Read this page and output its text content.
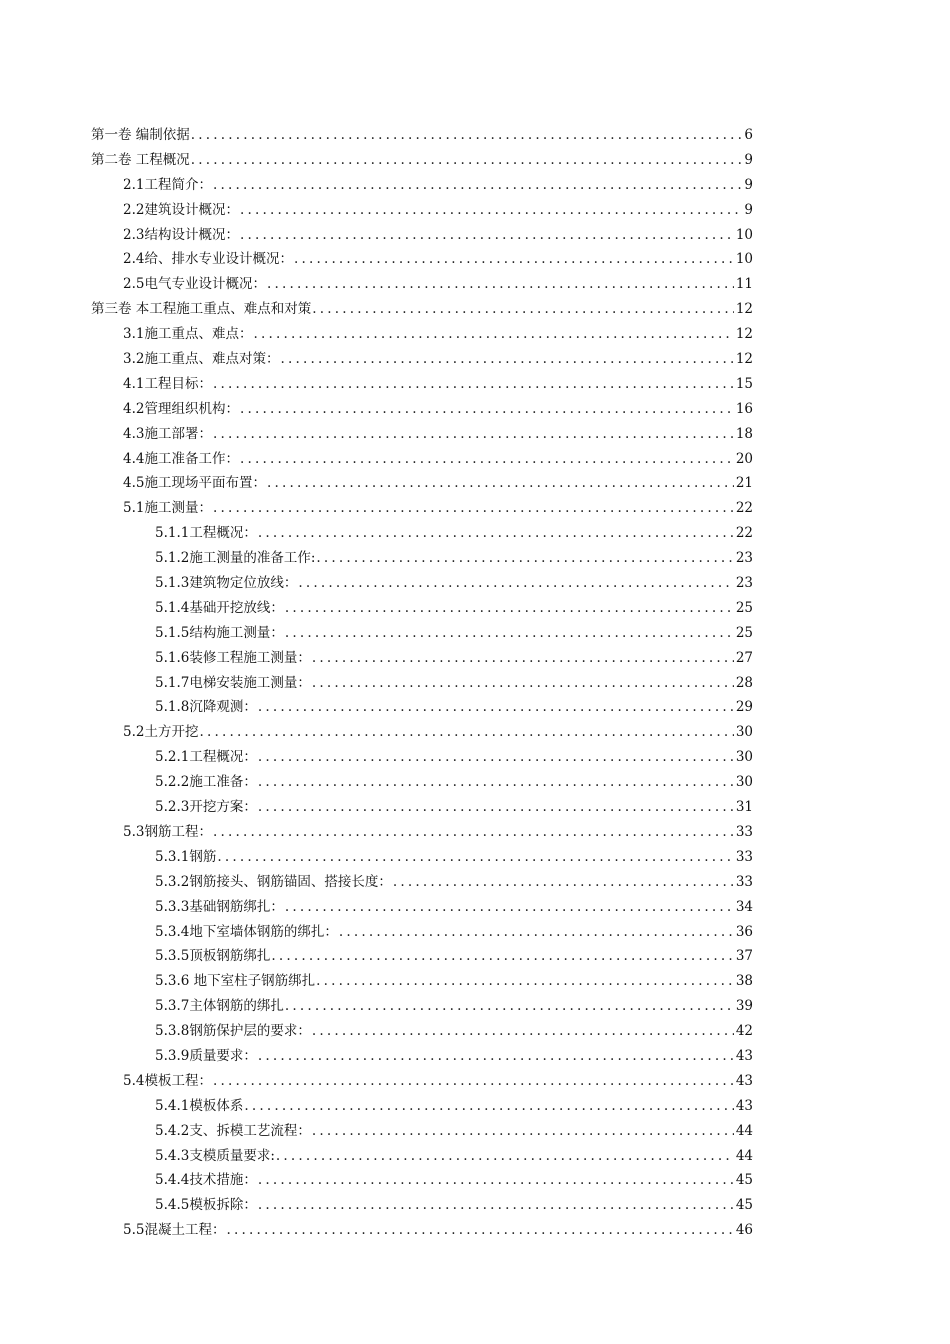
第一卷 编制依据 .....	6
第二卷 工程概况 .....	9
2.1工程简介： .....	9
2.2建筑设计概况： .....	9
2.3结构设计概况： .....	10
2.4给、排水专业设计概况： .....	10
2.5电气专业设计概况： .....	11
第三卷 本工程施工重点、难点和对策 .....	12
3.1施工重点、难点： .....	12
3.2施工重点、难点对策： .....	12
4.1工程目标： .....	15
4.2管理组织机构： .....	16
4.3施工部署： .....	18
4.4施工准备工作： .....	20
4.5施工现场平面布置： .....	21
5.1施工测量： .....	22
5.1.1工程概况： .....	22
5.1.2施工测量的准备工作: .....	23
5.1.3建筑物定位放线： .....	23
5.1.4基础开挖放线： .....	25
5.1.5结构施工测量： .....	25
5.1.6装修工程施工测量： .....	27
5.1.7电梯安装施工测量： .....	28
5.1.8沉降观测： .....	29
5.2土方开挖 .....	30
5.2.1工程概况： .....	30
5.2.2施工准备： .....	30
5.2.3开挖方案： .....	31
5.3钢筋工程： .....	33
5.3.1钢筋 .....	33
5.3.2钢筋接头、钢筋锚固、搭接长度： .....	33
5.3.3基础钢筋绑扎： .....	34
5.3.4地下室墙体钢筋的绑扎： .....	36
5.3.5顶板钢筋绑扎 .....	37
5.3.6 地下室柱子钢筋绑扎 .....	38
5.3.7主体钢筋的绑扎 .....	39
5.3.8钢筋保护层的要求： .....	42
5.3.9质量要求： .....	43
5.4模板工程： .....	43
5.4.1模板体系 .....	43
5.4.2支、拆模工艺流程： .....	44
5.4.3支模质量要求: .....	44
5.4.4技术措施： .....	45
5.4.5模板拆除： .....	45
5.5混凝土工程： .....	46
